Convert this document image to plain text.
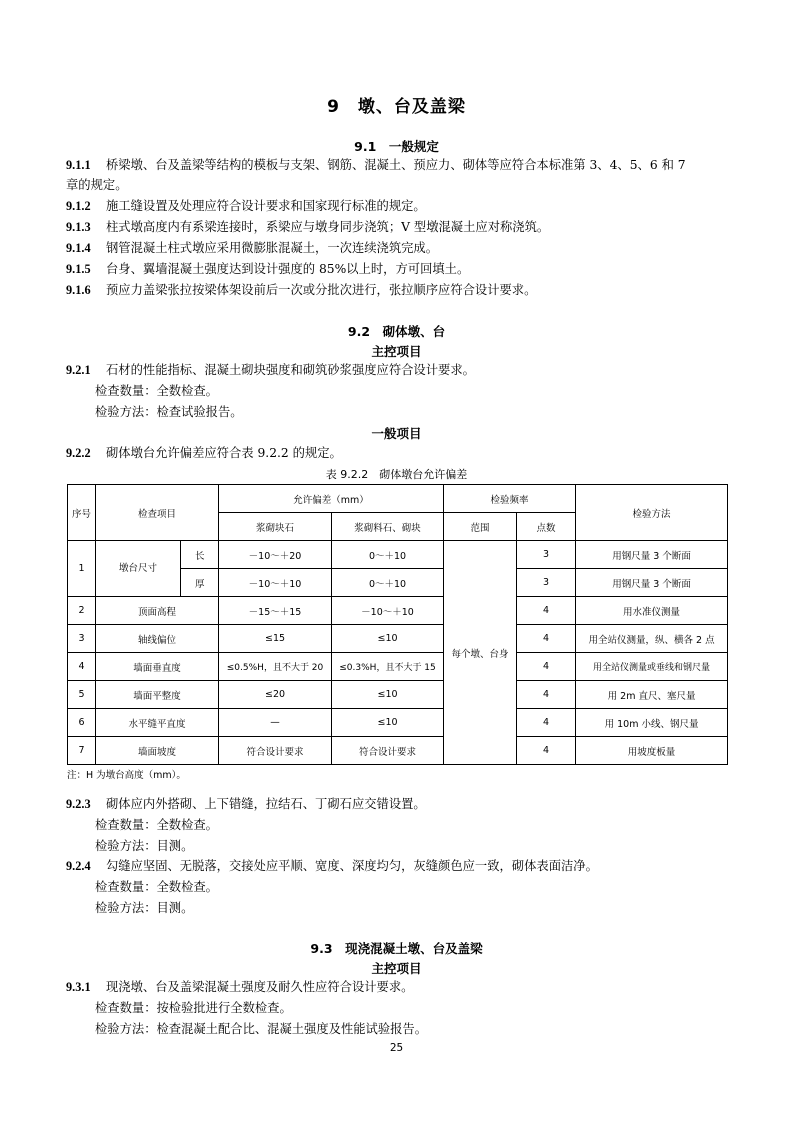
9　墩、台及盖梁
9.1　一般规定
9.1.1 桥梁墩、台及盖梁等结构的模板与支架、钢筋、混凝土、预应力、砌体等应符合本标准第 3、4、5、6 和 7
章的规定。
9.1.2 施工缝设置及处理应符合设计要求和国家现行标准的规定。
9.1.3 柱式墩高度内有系梁连接时，系梁应与墩身同步浇筑；V 型墩混凝土应对称浇筑。
9.1.4 钢管混凝土柱式墩应采用微膨胀混凝土，一次连续浇筑完成。
9.1.5 台身、翼墙混凝土强度达到设计强度的 85%以上时，方可回填土。
9.1.6 预应力盖梁张拉按梁体架设前后一次或分批次进行，张拉顺序应符合设计要求。
9.2　砌体墩、台
主控项目
9.2.1 石材的性能指标、混凝土砌块强度和砌筑砂浆强度应符合设计要求。
检查数量：全数检查。
检验方法：检查试验报告。
一般项目
9.2.2 砌体墩台允许偏差应符合表 9.2.2 的规定。
表 9.2.2　砌体墩台允许偏差
序号	检查项目		允许偏差（mm）		检验频率		检验方法
			浆砌块石	浆砌料石、砌块	范围	点数	
1	墩台尺寸	长	－10～＋20	0～＋10	每个墩、台身	3	用钢尺量 3 个断面
		厚	－10～＋10	0～＋10		3	用钢尺量 3 个断面
2	顶面高程		－15～＋15	－10～＋10		4	用水准仪测量
3	轴线偏位		≤15	≤10		4	用全站仪测量，纵、横各 2 点
4	墙面垂直度		≤0.5%H，且不大于 20	≤0.3%H，且不大于 15		4	用全站仪测量或垂线和钢尺量
5	墙面平整度		≤20	≤10		4	用 2m 直尺、塞尺量
6	水平缝平直度		—	≤10		4	用 10m 小线、钢尺量
7	墙面坡度		符合设计要求	符合设计要求		4	用坡度板量
注：H 为墩台高度（mm）。
9.2.3 砌体应内外搭砌、上下错缝，拉结石、丁砌石应交错设置。
检查数量：全数检查。
检验方法：目测。
9.2.4 勾缝应坚固、无脱落，交接处应平顺、宽度、深度均匀，灰缝颜色应一致，砌体表面洁净。
检查数量：全数检查。
检验方法：目测。
9.3　现浇混凝土墩、台及盖梁
主控项目
9.3.1 现浇墩、台及盖梁混凝土强度及耐久性应符合设计要求。
检查数量：按检验批进行全数检查。
检验方法：检查混凝土配合比、混凝土强度及性能试验报告。
25
